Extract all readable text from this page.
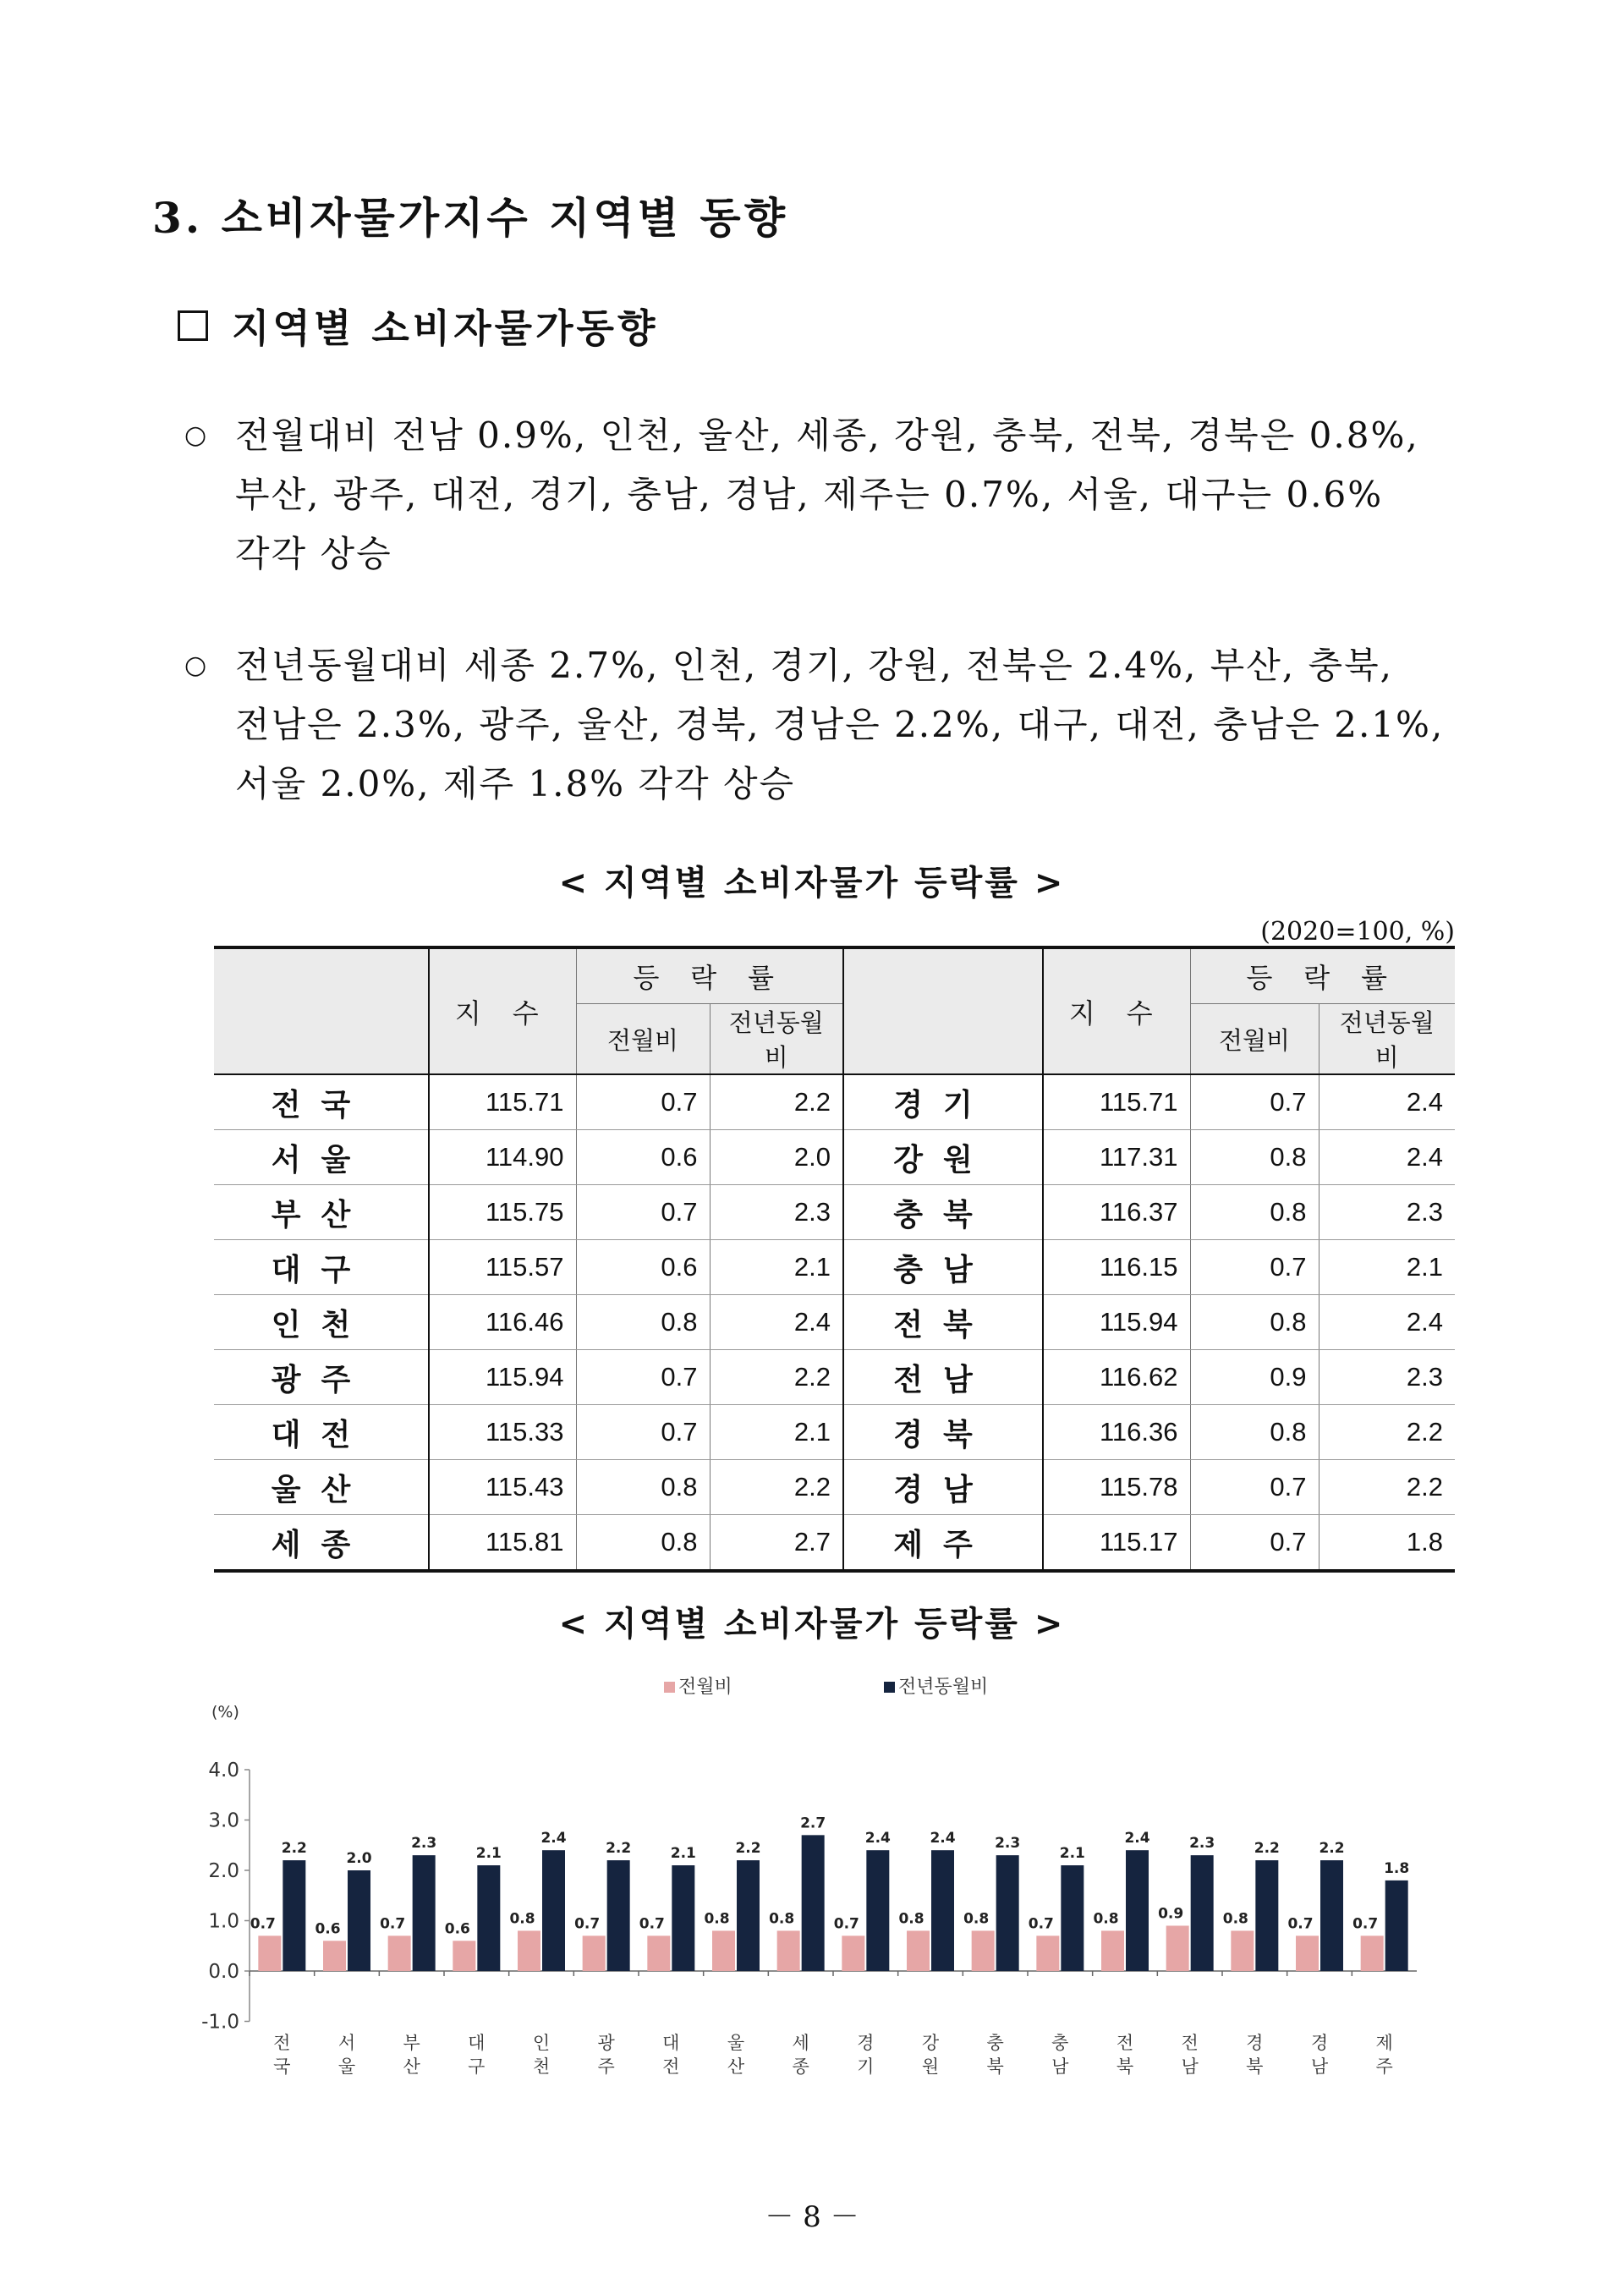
3. 소비자물가지수 지역별 동향
지역별 소비자물가동향
○ 전월대비 전남 0.9%, 인천, 울산, 세종, 강원, 충북, 전북, 경북은 0.8%,
부산, 광주, 대전, 경기, 충남, 경남, 제주는 0.7%, 서울, 대구는 0.6%
각각 상승
○ 전년동월대비 세종 2.7%, 인천, 경기, 강원, 전북은 2.4%, 부산, 충북,
전남은 2.3%, 광주, 울산, 경북, 경남은 2.2%, 대구, 대전, 충남은 2.1%,
서울 2.0%, 제주 1.8% 각각 상승
< 지역별 소비자물가 등락률 >
(2020=100, %)
	지 수	등 락 률			지 수	등 락 률	
		전월비	전년동월비			전월비	전년동월비
전국	115.71	0.7	2.2	경기	115.71	0.7	2.4
서울	114.90	0.6	2.0	강원	117.31	0.8	2.4
부산	115.75	0.7	2.3	충북	116.37	0.8	2.3
대구	115.57	0.6	2.1	충남	116.15	0.7	2.1
인천	116.46	0.8	2.4	전북	115.94	0.8	2.4
광주	115.94	0.7	2.2	전남	116.62	0.9	2.3
대전	115.33	0.7	2.1	경북	116.36	0.8	2.2
울산	115.43	0.8	2.2	경남	115.78	0.7	2.2
세종	115.81	0.8	2.7	제주	115.17	0.7	1.8
< 지역별 소비자물가 등락률 >
(%)
전월비	전년동월비
4.0
3.0
2.0
1.0
0.0
-1.0
0.7
2.2
전
국
0.6
2.0
서
울
0.7
2.3
부
산
0.6
2.1
대
구
0.8
2.4
인
천
0.7
2.2
광
주
0.7
2.1
대
전
0.8
2.2
울
산
0.8
2.7
세
종
0.7
2.4
경
기
0.8
2.4
강
원
0.8
2.3
충
북
0.7
2.1
충
남
0.8
2.4
전
북
0.9
2.3
전
남
0.8
2.2
경
북
0.7
2.2
경
남
0.7
1.8
제
주
－ 8 －
